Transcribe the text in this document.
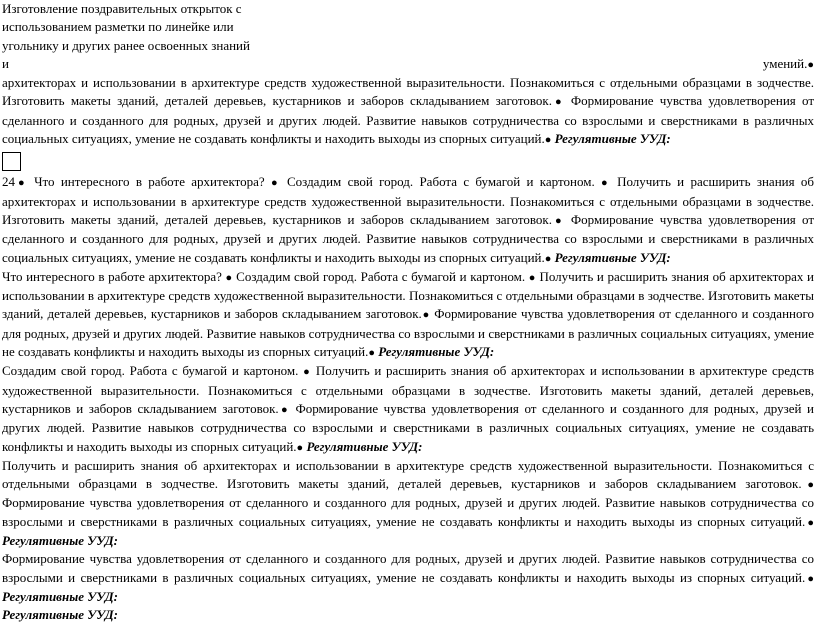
Изготовление поздравительных открыток с
использованием разметки по линейке или
угольнику и других ранее освоенных знаний
и	умений.●

архитекторах и использовании в архитектуре средств художественной выразительности. Познакомиться с отдельными образцами в зодчестве. Изготовить макеты зданий, деталей деревьев, кустарников и заборов складыванием заготовок.● Формирование чувства удовлетворения от сделанного и созданного для родных, друзей и других людей. Развитие навыков сотрудничества со взрослыми и сверстниками в различных социальных ситуациях, умение не создавать конфликты и находить выходы из спорных ситуаций.● Регулятивные УУД:

24● Что интересного в работе архитектора? ● Создадим свой город. Работа с бумагой и картоном. ● Получить и расширить знания об архитекторах и использовании в архитектуре средств художественной выразительности. Познакомиться с отдельными образцами в зодчестве. Изготовить макеты зданий, деталей деревьев, кустарников и заборов складыванием заготовок.● Формирование чувства удовлетворения от сделанного и созданного для родных, друзей и других людей. Развитие навыков сотрудничества со взрослыми и сверстниками в различных социальных ситуациях, умение не создавать конфликты и находить выходы из спорных ситуаций.● Регулятивные УУД:

Что интересного в работе архитектора? ● Создадим свой город. Работа с бумагой и картоном. ● Получить и расширить знания об архитекторах и использовании в архитектуре средств художественной выразительности. Познакомиться с отдельными образцами в зодчестве. Изготовить макеты зданий, деталей деревьев, кустарников и заборов складыванием заготовок.● Формирование чувства удовлетворения от сделанного и созданного для родных, друзей и других людей. Развитие навыков сотрудничества со взрослыми и сверстниками в различных социальных ситуациях, умение не создавать конфликты и находить выходы из спорных ситуаций.● Регулятивные УУД:

Создадим свой город. Работа с бумагой и картоном. ● Получить и расширить знания об архитекторах и использовании в архитектуре средств художественной выразительности. Познакомиться с отдельными образцами в зодчестве. Изготовить макеты зданий, деталей деревьев, кустарников и заборов складыванием заготовок.● Формирование чувства удовлетворения от сделанного и созданного для родных, друзей и других людей. Развитие навыков сотрудничества со взрослыми и сверстниками в различных социальных ситуациях, умение не создавать конфликты и находить выходы из спорных ситуаций.● Регулятивные УУД:

Получить и расширить знания об архитекторах и использовании в архитектуре средств художественной выразительности. Познакомиться с отдельными образцами в зодчестве. Изготовить макеты зданий, деталей деревьев, кустарников и заборов складыванием заготовок.● Формирование чувства удовлетворения от сделанного и созданного для родных, друзей и других людей. Развитие навыков сотрудничества со взрослыми и сверстниками в различных социальных ситуациях, умение не создавать конфликты и находить выходы из спорных ситуаций.● Регулятивные УУД:

Формирование чувства удовлетворения от сделанного и созданного для родных, друзей и других людей. Развитие навыков сотрудничества со взрослыми и сверстниками в различных социальных ситуациях, умение не создавать конфликты и находить выходы из спорных ситуаций.● Регулятивные УУД:

Регулятивные УУД:
